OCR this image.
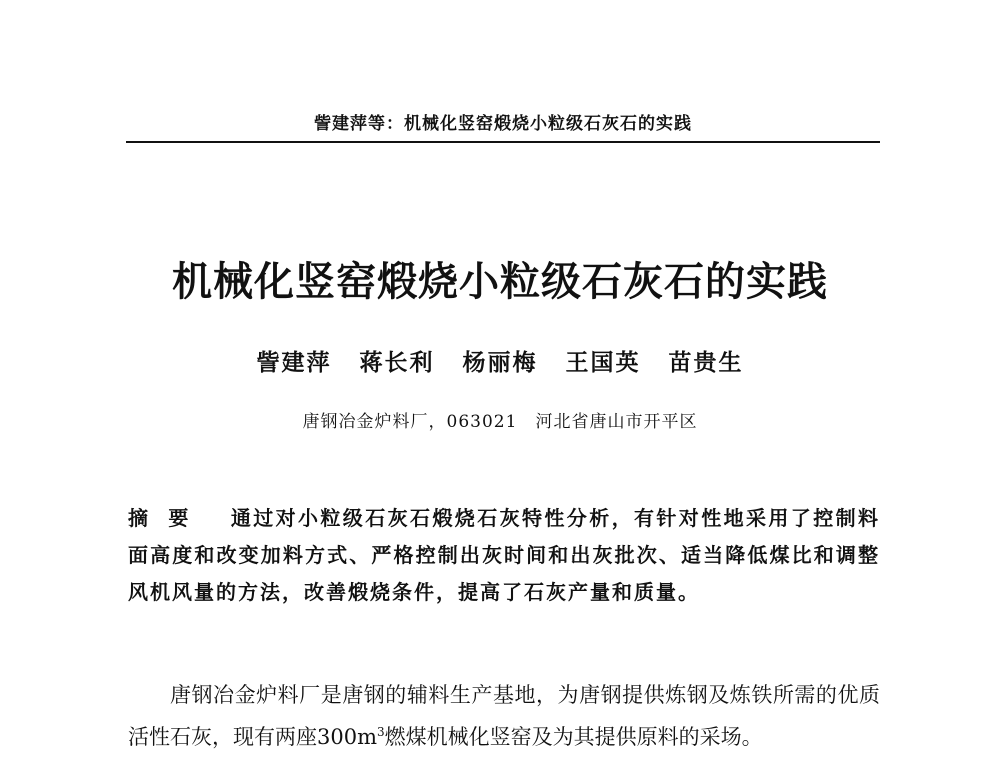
訾建萍等：机械化竖窑煅烧小粒级石灰石的实践
机械化竖窑煅烧小粒级石灰石的实践
訾建萍 蒋长利 杨丽梅 王国英 苗贵生
唐钢冶金炉料厂，063021　河北省唐山市开平区
摘要 通过对小粒级石灰石煅烧石灰特性分析，有针对性地采用了控制料面高度和改变加料方式、严格控制出灰时间和出灰批次、适当降低煤比和调整风机风量的方法，改善煅烧条件，提高了石灰产量和质量。

唐钢冶金炉料厂是唐钢的辅料生产基地，为唐钢提供炼钢及炼铁所需的优质活性石灰，现有两座$300m^3$燃煤机械化竖窑及为其提供原料的采场。
